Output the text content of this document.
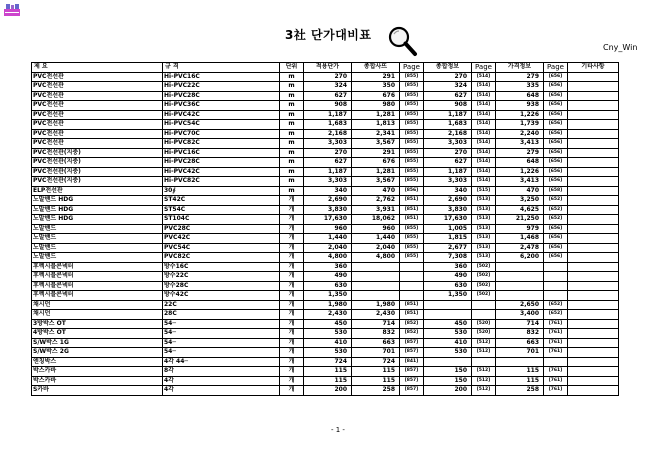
3社 단가대비표
Cny_Win
제 요	규 격	단위	적용단가	종합사뜨	Page	종합정보	Page	가격정보	Page	기타사항
PVC전선관	Hi-PVC16C	m	270	291	[855]	270	[514]	279	[656]	
PVC전선관	Hi-PVC22C	m	324	350	[855]	324	[514]	335	[656]	
PVC전선관	Hi-PVC28C	m	627	676	[855]	627	[514]	648	[656]	
PVC전선관	Hi-PVC36C	m	908	980	[855]	908	[514]	938	[656]	
PVC전선관	Hi-PVC42C	m	1,187	1,281	[855]	1,187	[514]	1,226	[656]	
PVC전선관	Hi-PVC54C	m	1,683	1,813	[855]	1,683	[514]	1,739	[656]	
PVC전선관	Hi-PVC70C	m	2,168	2,341	[855]	2,168	[514]	2,240	[656]	
PVC전선관	Hi-PVC82C	m	3,303	3,567	[855]	3,303	[514]	3,413	[656]	
PVC전선관(지중)	Hi-PVC16C	m	270	291	[855]	270	[514]	279	[656]	
PVC전선관(지중)	Hi-PVC28C	m	627	676	[855]	627	[514]	648	[656]	
PVC전선관(지중)	Hi-PVC42C	m	1,187	1,281	[855]	1,187	[514]	1,226	[656]	
PVC전선관(지중)	Hi-PVC82C	m	3,303	3,567	[855]	3,303	[514]	3,413	[656]	
ELP전선관	30∮	m	340	470	[856]	340	[515]	470	[658]	
노말밴드 HDG	ST42C	개	2,690	2,762	[851]	2,690	[513]	3,250	[652]	
노말밴드 HDG	ST54C	개	3,830	3,931	[851]	3,830	[513]	4,625	[652]	
노말밴드 HDG	ST104C	개	17,630	18,062	[851]	17,630	[513]	21,250	[652]	
노말밴드	PVC28C	개	960	960	[855]	1,005	[513]	979	[656]	
노말밴드	PVC42C	개	1,440	1,440	[855]	1,815	[513]	1,468	[656]	
노말밴드	PVC54C	개	2,040	2,040	[855]	2,677	[513]	2,478	[656]	
노말밴드	PVC82C	개	4,800	4,800	[855]	7,308	[513]	6,200	[656]	
후렉시블콘넥터	방수16C	개	360			360	[502]			
후렉시블콘넥터	방수22C	개	490			490	[502]			
후렉시블콘넥터	방수28C	개	630			630	[502]			
후렉시블콘넥터	방수42C	개	1,350			1,350	[502]			
채시던	22C	개	1,980	1,980	[851]			2,650	[652]	
채시던	28C	개	2,430	2,430	[851]			3,400	[652]	
3방박스 OT	54─	개	450	714	[852]	450	[520]	714	[761]	
4방박스 OT	54─	개	530	832	[852]	530	[520]	832	[761]	
S/W박스 1G	54─	개	410	663	[857]	410	[512]	663	[761]	
S/W박스 2G	54─	개	530	701	[857]	530	[512]	701	[761]	
엔칭박스	4각 44─	개	724	724	[841]					
박스카바	8각	개	115	115	[857]	150	[512]	115	[761]	
박스카바	4각	개	115	115	[857]	150	[512]	115	[761]	
S카바	4각	개	200	258	[857]	200	[512]	258	[761]	
- 1 -
